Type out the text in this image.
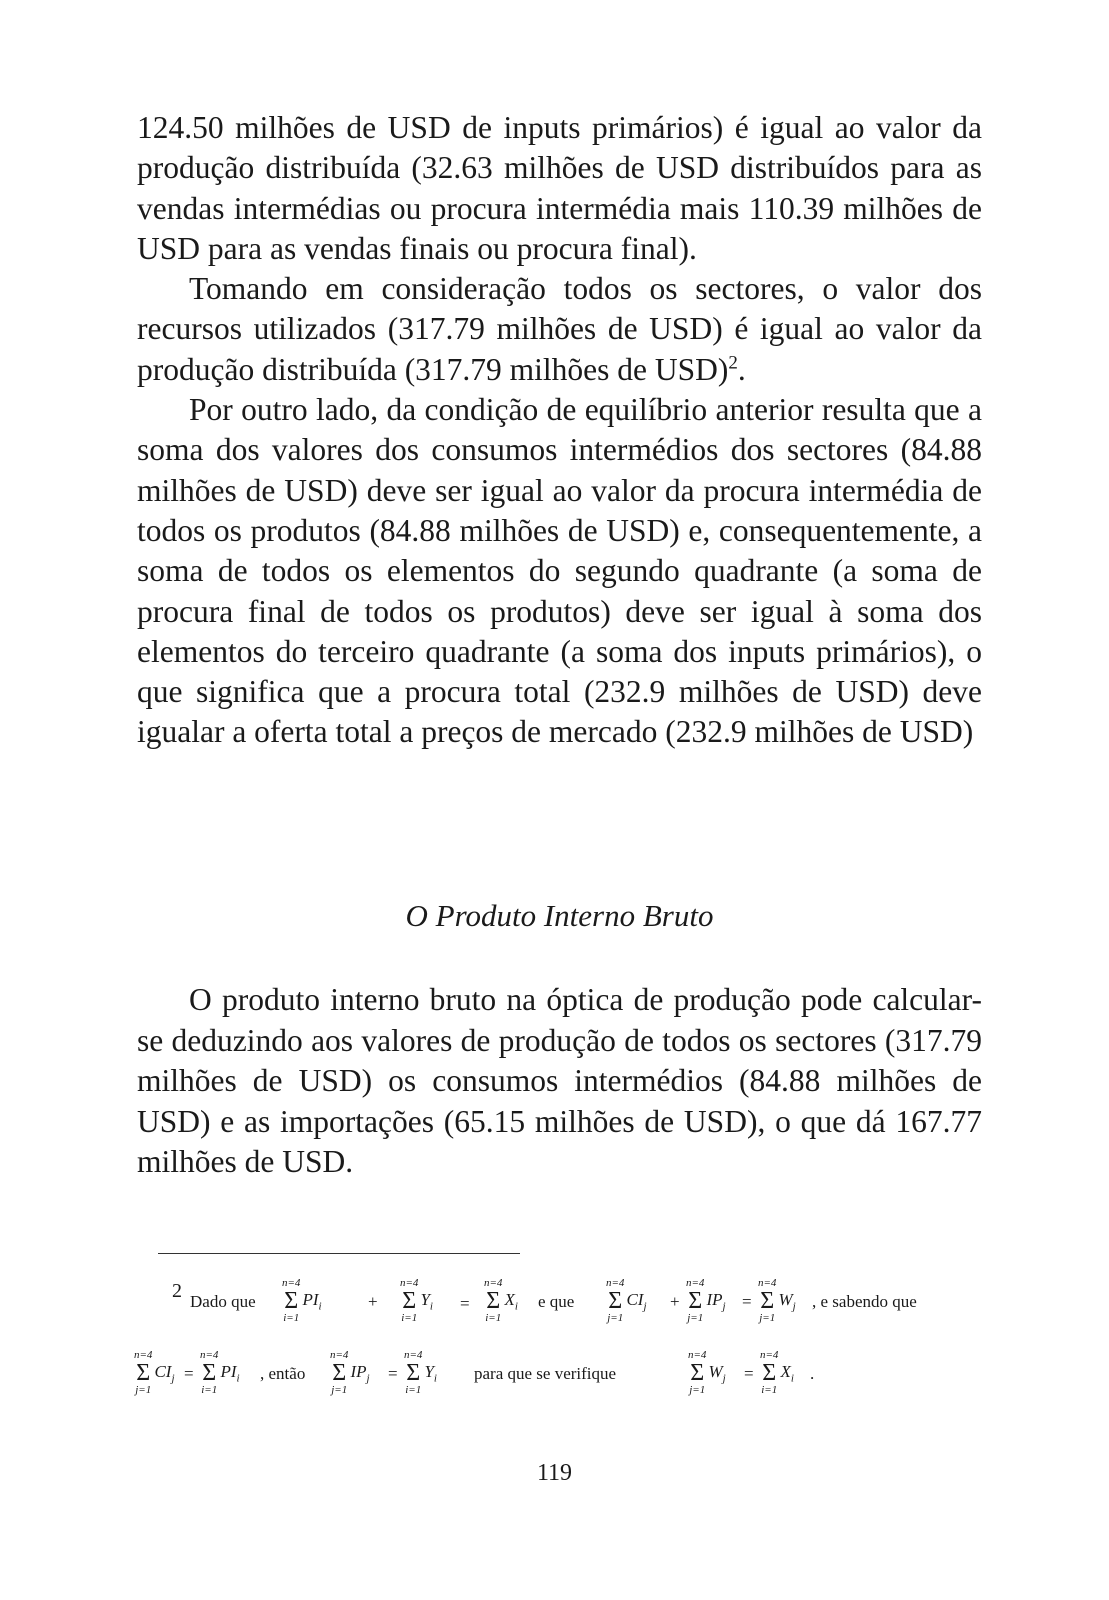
124.50 milhões de USD de inputs primários) é igual ao valor da produção distribuída (32.63 milhões de USD distribuídos para as vendas intermédias ou procura intermédia mais 110.39 milhões de USD para as vendas finais ou procura final).

Tomando em consideração todos os sectores, o valor dos recursos utilizados (317.79 milhões de USD) é igual ao valor da produção distribuída (317.79 milhões de USD)$^2$.

Por outro lado, da condição de equilíbrio anterior resulta que a soma dos valores dos consumos intermédios dos sectores (84.88 milhões de USD) deve ser igual ao valor da procura intermédia de todos os produtos (84.88 milhões de USD) e, consequentemente, a soma de todos os elementos do segundo quadrante (a soma de procura final de todos os produtos) deve ser igual à soma dos elementos do terceiro quadrante (a soma dos inputs primários), o que significa que a procura total (232.9 milhões de USD) deve igualar a oferta total a preços de mercado (232.9 milhões de USD)

O Produto Interno Bruto

O produto interno bruto na óptica de produção pode calcular-se deduzindo aos valores de produção de todos os sectores (317.79 milhões de USD) os consumos intermédios (84.88 milhões de USD) e as importações (65.15 milhões de USD), o que dá 167.77 milhões de USD.

2 Dado que
n=4
Σ
i=1
$PI_i$	+
n=4
Σ
i=1
$Y_i$ =
n=4
Σ
i=1
$X_i$ e que
n=4
Σ
j=1
$CI_j$ +
n=4
Σ
j=1
$IP_j$ =
n=4
Σ
j=1
$W_j$ , e sabendo que
n=4
Σ
j=1
$CI_j$ =
n=4
Σ
i=1
$PI_i$ , então
n=4
Σ
j=1
$IP_j$ =
n=4
Σ
i=1
$Y_i$ para que se verifique
n=4
Σ
j=1
$W_j$ =
n=4
Σ
i=1
$X_i$ .
119
